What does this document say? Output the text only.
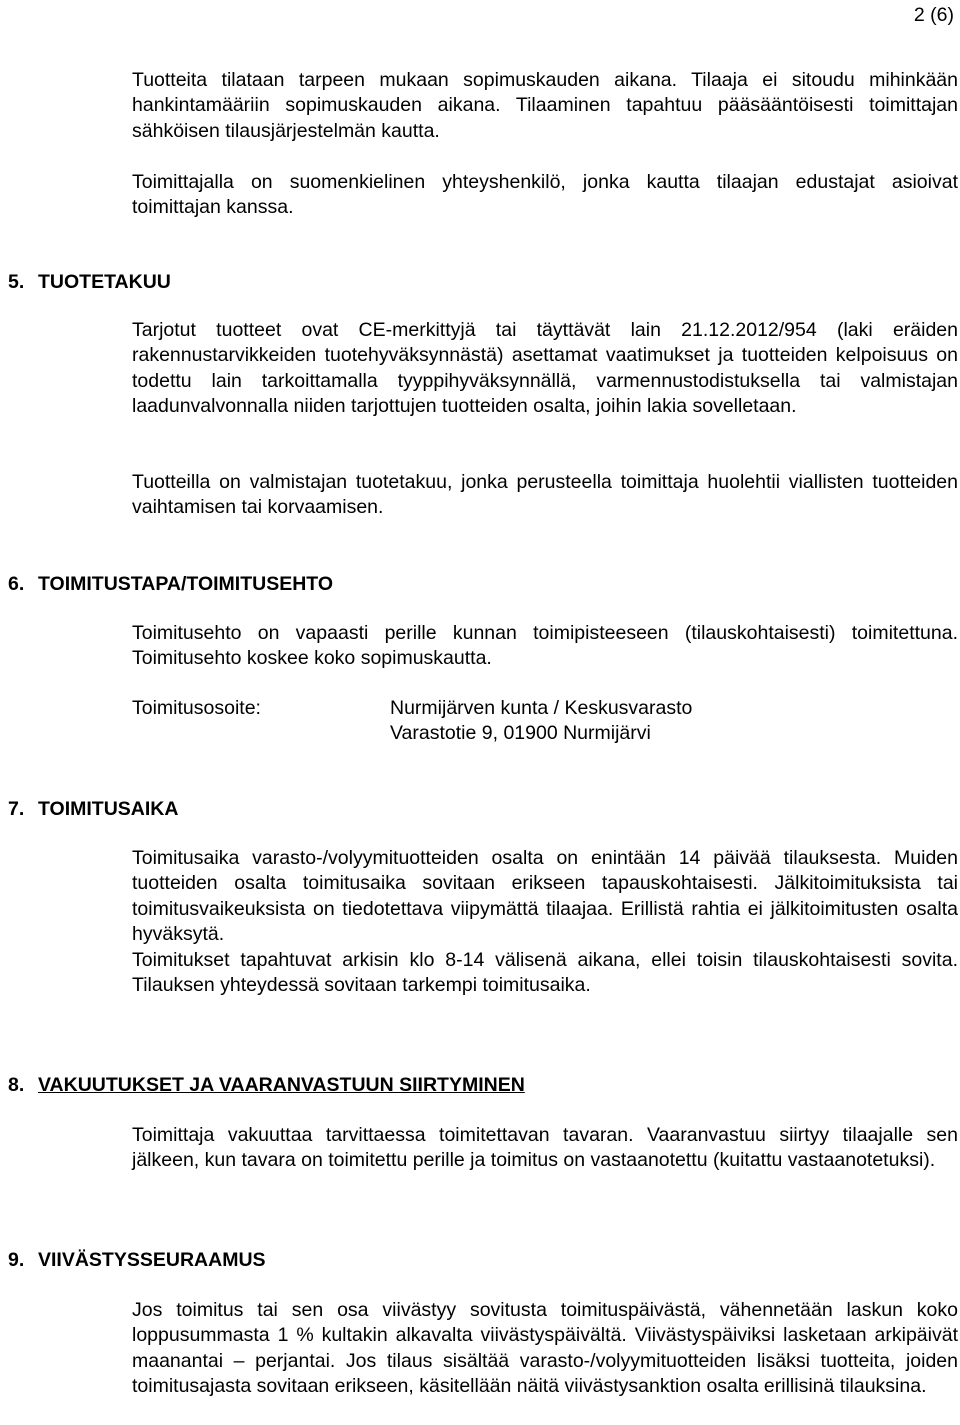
2 (6)

Tuotteita tilataan tarpeen mukaan sopimuskauden aikana. Tilaaja ei sitoudu mihinkään hankintamääriin sopimuskauden aikana. Tilaaminen tapahtuu pääsääntöisesti toimittajan sähköisen tilausjärjestelmän kautta.

Toimittajalla on suomenkielinen yhteyshenkilö, jonka kautta tilaajan edustajat asioivat toimittajan kanssa.

5. TUOTETAKUU

Tarjotut tuotteet ovat CE-merkittyjä tai täyttävät lain 21.12.2012/954 (laki eräiden rakennustarvikkeiden tuotehyväksynnästä) asettamat vaatimukset ja tuotteiden kelpoisuus on todettu lain tarkoittamalla tyyppihyväksynnällä, varmennustodistuksella tai valmistajan laadunvalvonnalla niiden tarjottujen tuotteiden osalta, joihin lakia sovelletaan.

Tuotteilla on valmistajan tuotetakuu, jonka perusteella toimittaja huolehtii viallisten tuotteiden vaihtamisen tai korvaamisen.

6. TOIMITUSTAPA/TOIMITUSEHTO

Toimitusehto on vapaasti perille kunnan toimipisteeseen (tilauskohtaisesti) toimitettuna. Toimitusehto koskee koko sopimuskautta.

Toimitusosoite:	Nurmijärven kunta / Keskusvarasto
Varastotie 9, 01900 Nurmijärvi
7. TOIMITUSAIKA

Toimitusaika varasto-/volyymituotteiden osalta on enintään 14 päivää tilauksesta. Muiden tuotteiden osalta toimitusaika sovitaan erikseen tapauskohtaisesti. Jälkitoimituksista tai toimitusvaikeuksista on tiedotettava viipymättä tilaajaa. Erillistä rahtia ei jälkitoimitusten osalta hyväksytä.

Toimitukset tapahtuvat arkisin klo 8-14 välisenä aikana, ellei toisin tilauskohtaisesti sovita. Tilauksen yhteydessä sovitaan tarkempi toimitusaika.

8. VAKUUTUKSET JA VAARANVASTUUN SIIRTYMINEN

Toimittaja vakuuttaa tarvittaessa toimitettavan tavaran. Vaaranvastuu siirtyy tilaajalle sen jälkeen, kun tavara on toimitettu perille ja toimitus on vastaanotettu (kuitattu vastaanotetuksi).

9. VIIVÄSTYSSEURAAMUS

Jos toimitus tai sen osa viivästyy sovitusta toimituspäivästä, vähennetään laskun koko loppusummasta 1 % kultakin alkavalta viivästyspäivältä. Viivästyspäiviksi lasketaan arkipäivät maanantai – perjantai. Jos tilaus sisältää varasto-/volyymituotteiden lisäksi tuotteita, joiden toimitusajasta sovitaan erikseen, käsitellään näitä viivästysanktion osalta erillisinä tilauksina.
